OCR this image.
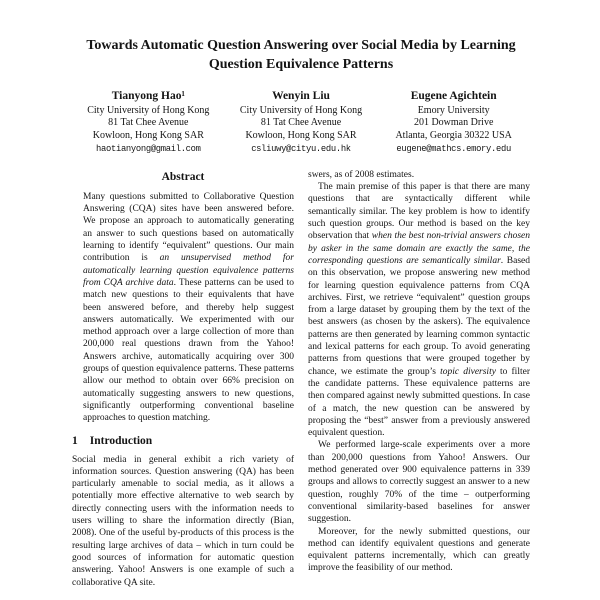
Towards Automatic Question Answering over Social Media by Learning
Question Equivalence Patterns
Tianyong Hao¹
City University of Hong Kong
81 Tat Chee Avenue
Kowloon, Hong Kong SAR
haotianyong@gmail.com
Wenyin Liu
City University of Hong Kong
81 Tat Chee Avenue
Kowloon, Hong Kong SAR
csliuwy@cityu.edu.hk
Eugene Agichtein
Emory University
201 Dowman Drive
Atlanta, Georgia 30322 USA
eugene@mathcs.emory.edu
Abstract

Many questions submitted to Collaborative Question Answering (CQA) sites have been answered before. We propose an approach to automatically generating an answer to such questions based on automatically learning to identify “equivalent” questions. Our main contribution is an unsupervised method for automatically learning question equivalence patterns from CQA archive data. These patterns can be used to match new questions to their equivalents that have been answered before, and thereby help suggest answers automatically. We experimented with our method approach over a large collection of more than 200,000 real questions drawn from the Yahoo! Answers archive, automatically acquiring over 300 groups of question equivalence patterns. These patterns allow our method to obtain over 66% precision on automatically suggesting answers to new questions, significantly outperforming conventional baseline approaches to question matching.

1 Introduction

Social media in general exhibit a rich variety of information sources. Question answering (QA) has been particularly amenable to social media, as it allows a potentially more effective alternative to web search by directly connecting users with the information needs to users willing to share the information directly (Bian, 2008). One of the useful by-products of this process is the resulting large archives of data – which in turn could be good sources of information for automatic question answering. Yahoo! Answers is one example of such a collaborative QA site.

swers, as of 2008 estimates.

The main premise of this paper is that there are many questions that are syntactically different while semantically similar. The key problem is how to identify such question groups. Our method is based on the key observation that when the best non-trivial answers chosen by asker in the same domain are exactly the same, the corresponding questions are semantically similar. Based on this observation, we propose answering new method for learning question equivalence patterns from CQA archives. First, we retrieve “equivalent” question groups from a large dataset by grouping them by the text of the best answers (as chosen by the askers). The equivalence patterns are then generated by learning common syntactic and lexical patterns for each group. To avoid generating patterns from questions that were grouped together by chance, we estimate the group’s topic diversity to filter the candidate patterns. These equivalence patterns are then compared against newly submitted questions. In case of a match, the new question can be answered by proposing the “best” answer from a previously answered equivalent question.

We performed large-scale experiments over a more than 200,000 questions from Yahoo! Answers. Our method generated over 900 equivalence patterns in 339 groups and allows to correctly suggest an answer to a new question, roughly 70% of the time – outperforming conventional similarity-based baselines for answer suggestion.

Moreover, for the newly submitted questions, our method can identify equivalent questions and generate equivalent patterns incrementally, which can greatly improve the feasibility of our method.
